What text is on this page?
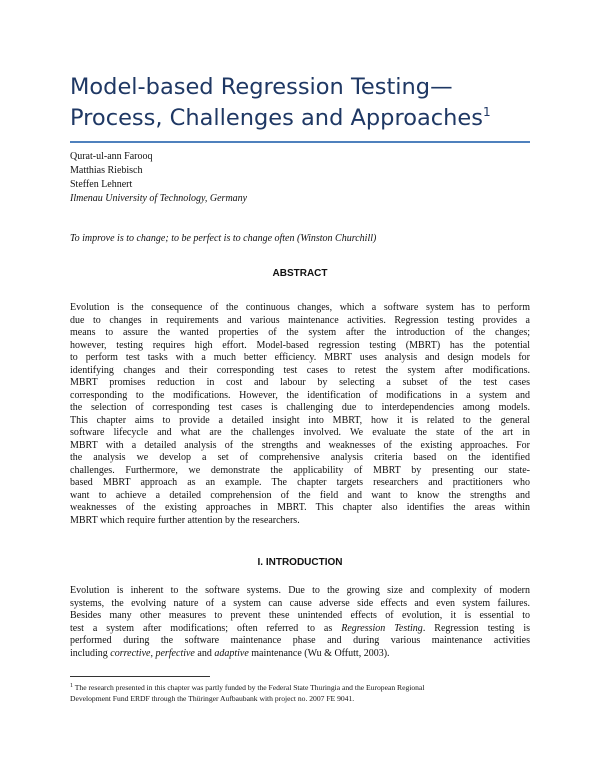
Model-based Regression Testing—
Process, Challenges and Approaches$^1$
Qurat-ul-ann Farooq
Matthias Riebisch
Steffen Lehnert
Ilmenau University of Technology, Germany
To improve is to change; to be perfect is to change often (Winston Churchill)
ABSTRACT
Evolution is the consequence of the continuous changes, which a software system has to perform
due to changes in requirements and various maintenance activities. Regression testing provides a
means to assure the wanted properties of the system after the introduction of the changes;
however, testing requires high effort. Model-based regression testing (MBRT) has the potential
to perform test tasks with a much better efficiency. MBRT uses analysis and design models for
identifying changes and their corresponding test cases to retest the system after modifications.
MBRT promises reduction in cost and labour by selecting a subset of the test cases
corresponding to the modifications. However, the identification of modifications in a system and
the selection of corresponding test cases is challenging due to interdependencies among models.
This chapter aims to provide a detailed insight into MBRT, how it is related to the general
software lifecycle and what are the challenges involved. We evaluate the state of the art in
MBRT with a detailed analysis of the strengths and weaknesses of the existing approaches. For
the analysis we develop a set of comprehensive analysis criteria based on the identified
challenges. Furthermore, we demonstrate the applicability of MBRT by presenting our state-
based MBRT approach as an example. The chapter targets researchers and practitioners who
want to achieve a detailed comprehension of the field and want to know the strengths and
weaknesses of the existing approaches in MBRT. This chapter also identifies the areas within
MBRT which require further attention by the researchers.
I. INTRODUCTION
Evolution is inherent to the software systems. Due to the growing size and complexity of modern
systems, the evolving nature of a system can cause adverse side effects and even system failures.
Besides many other measures to prevent these unintended effects of evolution, it is essential to
test a system after modifications; often referred to as Regression Testing. Regression testing is
performed during the software maintenance phase and during various maintenance activities
including corrective, perfective and adaptive maintenance (Wu & Offutt, 2003).
$^1$ The research presented in this chapter was partly funded by the Federal State Thuringia and the European Regional
Development Fund ERDF through the Thüringer Aufbaubank with project no. 2007 FE 9041.
